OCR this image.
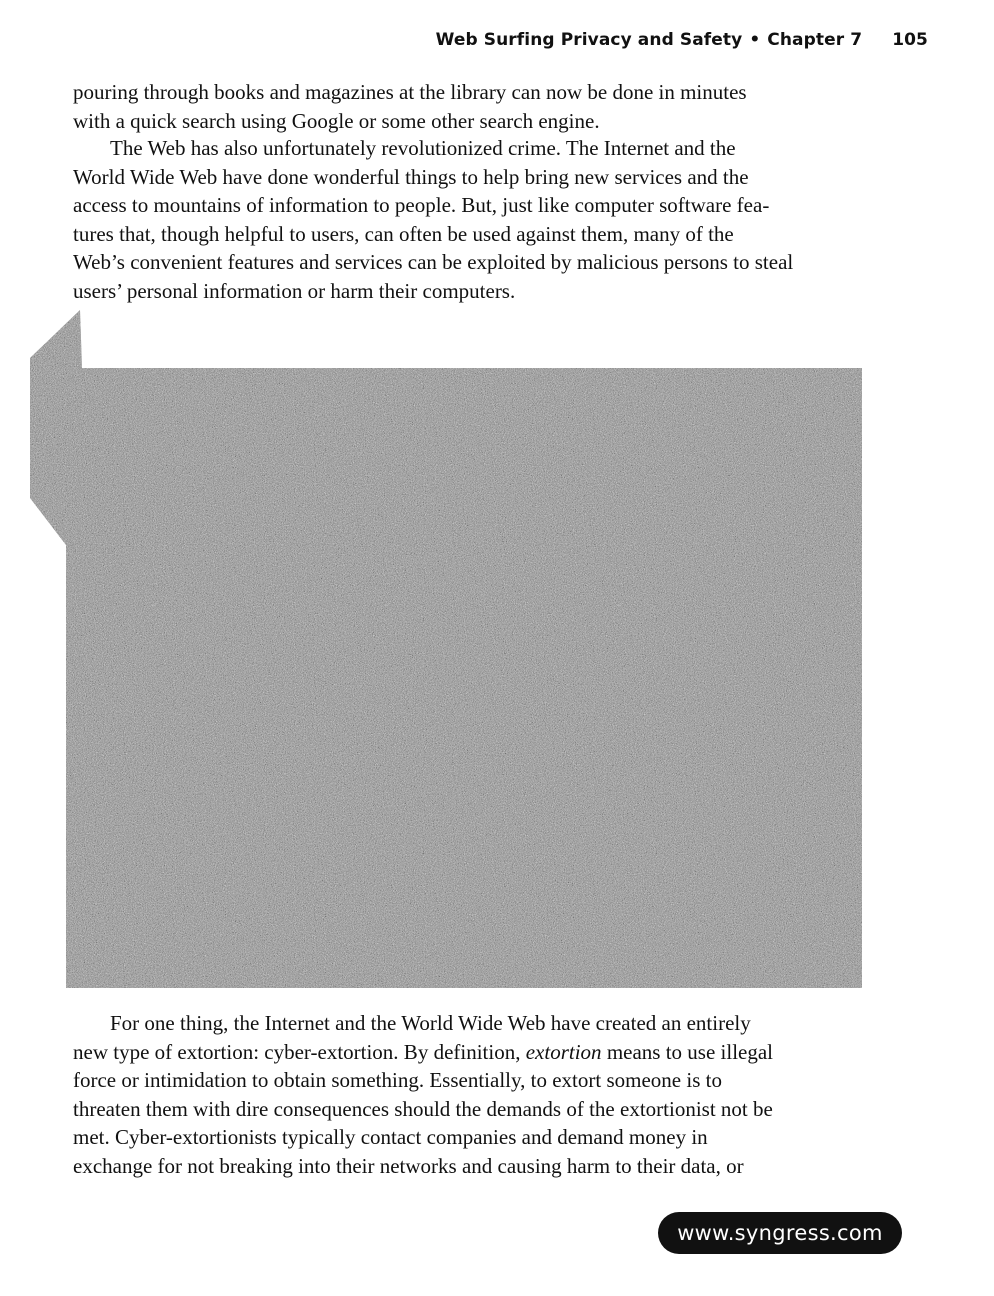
Web Surfing Privacy and Safety • Chapter 7 105

pouring through books and magazines at the library can now be done in minutes
with a quick search using Google or some other search engine.

The Web has also unfortunately revolutionized crime. The Internet and the
World Wide Web have done wonderful things to help bring new services and the
access to mountains of information to people. But, just like computer software fea-
tures that, though helpful to users, can often be used against them, many of the
Web’s convenient features and services can be exploited by malicious persons to steal
users’ personal information or harm their computers.

For one thing, the Internet and the World Wide Web have created an entirely
new type of extortion: cyber-extortion. By definition, extortion means to use illegal
force or intimidation to obtain something. Essentially, to extort someone is to
threaten them with dire consequences should the demands of the extortionist not be
met. Cyber-extortionists typically contact companies and demand money in
exchange for not breaking into their networks and causing harm to their data, or

www.syngress.com
